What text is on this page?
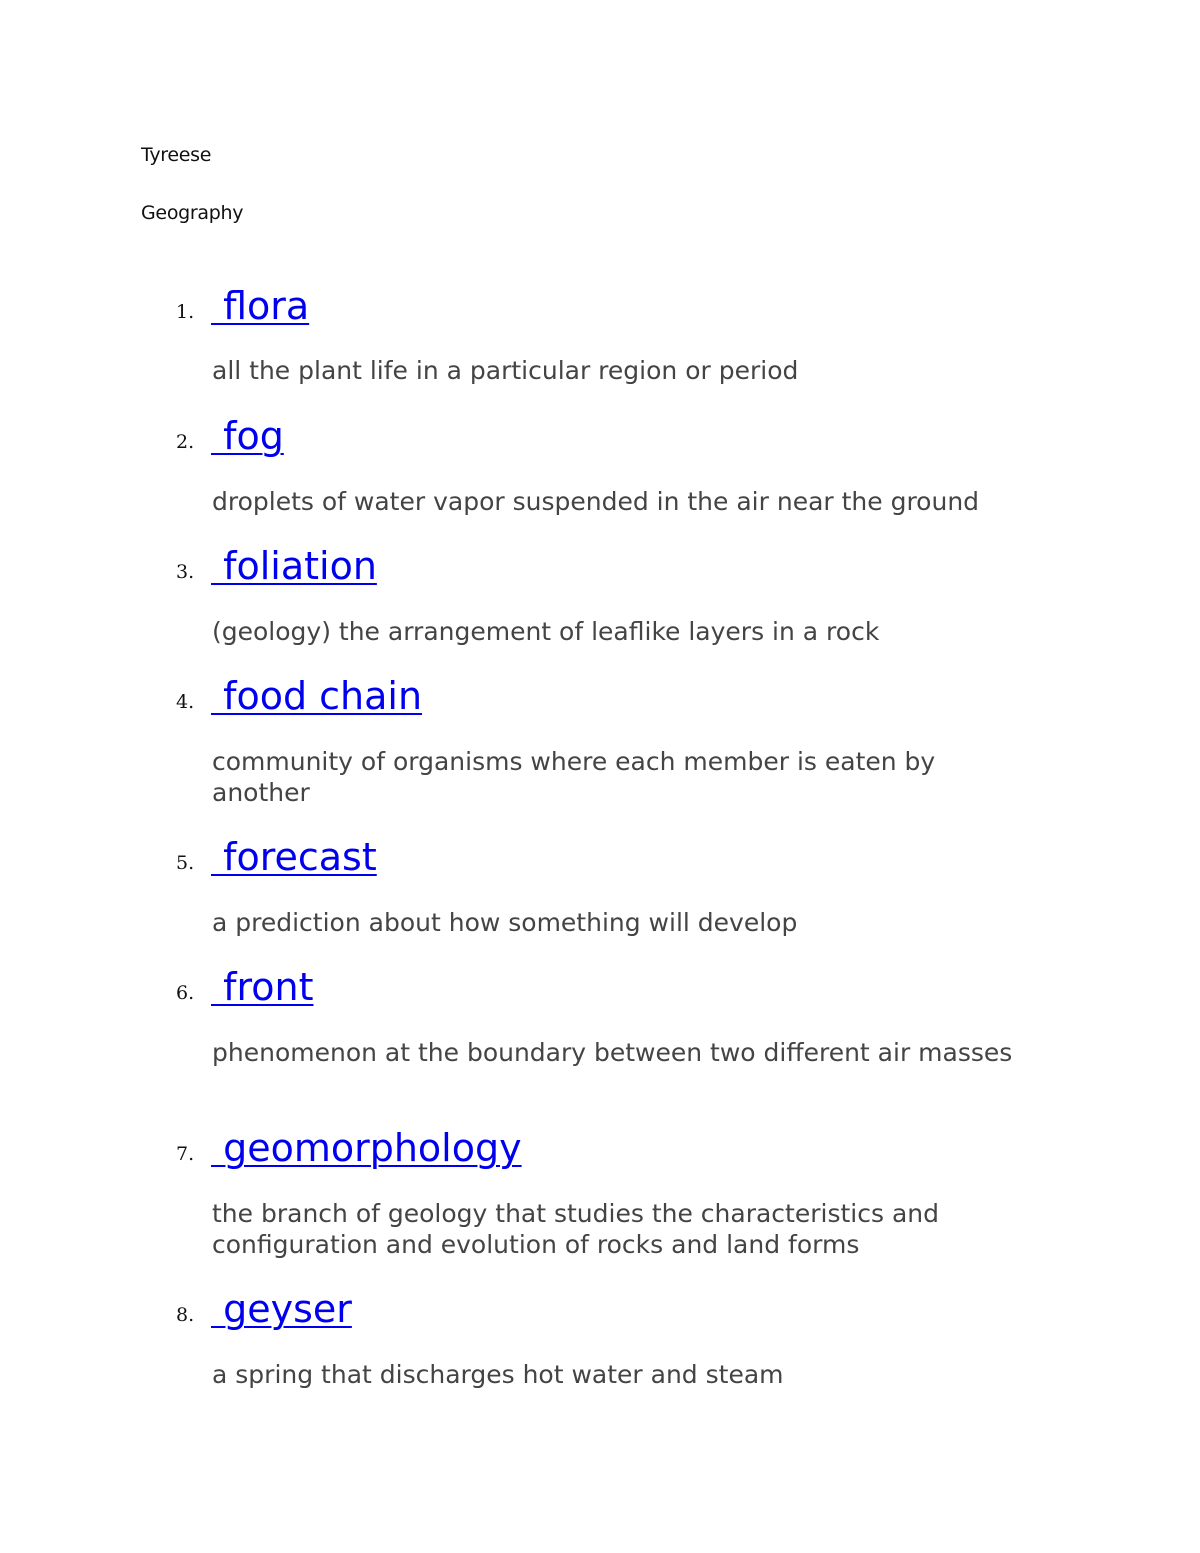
Tyreese

Geography

1. flora

all the plant life in a particular region or period

2. fog

droplets of water vapor suspended in the air near the ground

3. foliation

(geology) the arrangement of leaflike layers in a rock

4. food chain

community of organisms where each member is eaten by another

5. forecast

a prediction about how something will develop

6. front

phenomenon at the boundary between two different air masses

7. geomorphology

the branch of geology that studies the characteristics and configuration and evolution of rocks and land forms

8. geyser

a spring that discharges hot water and steam
